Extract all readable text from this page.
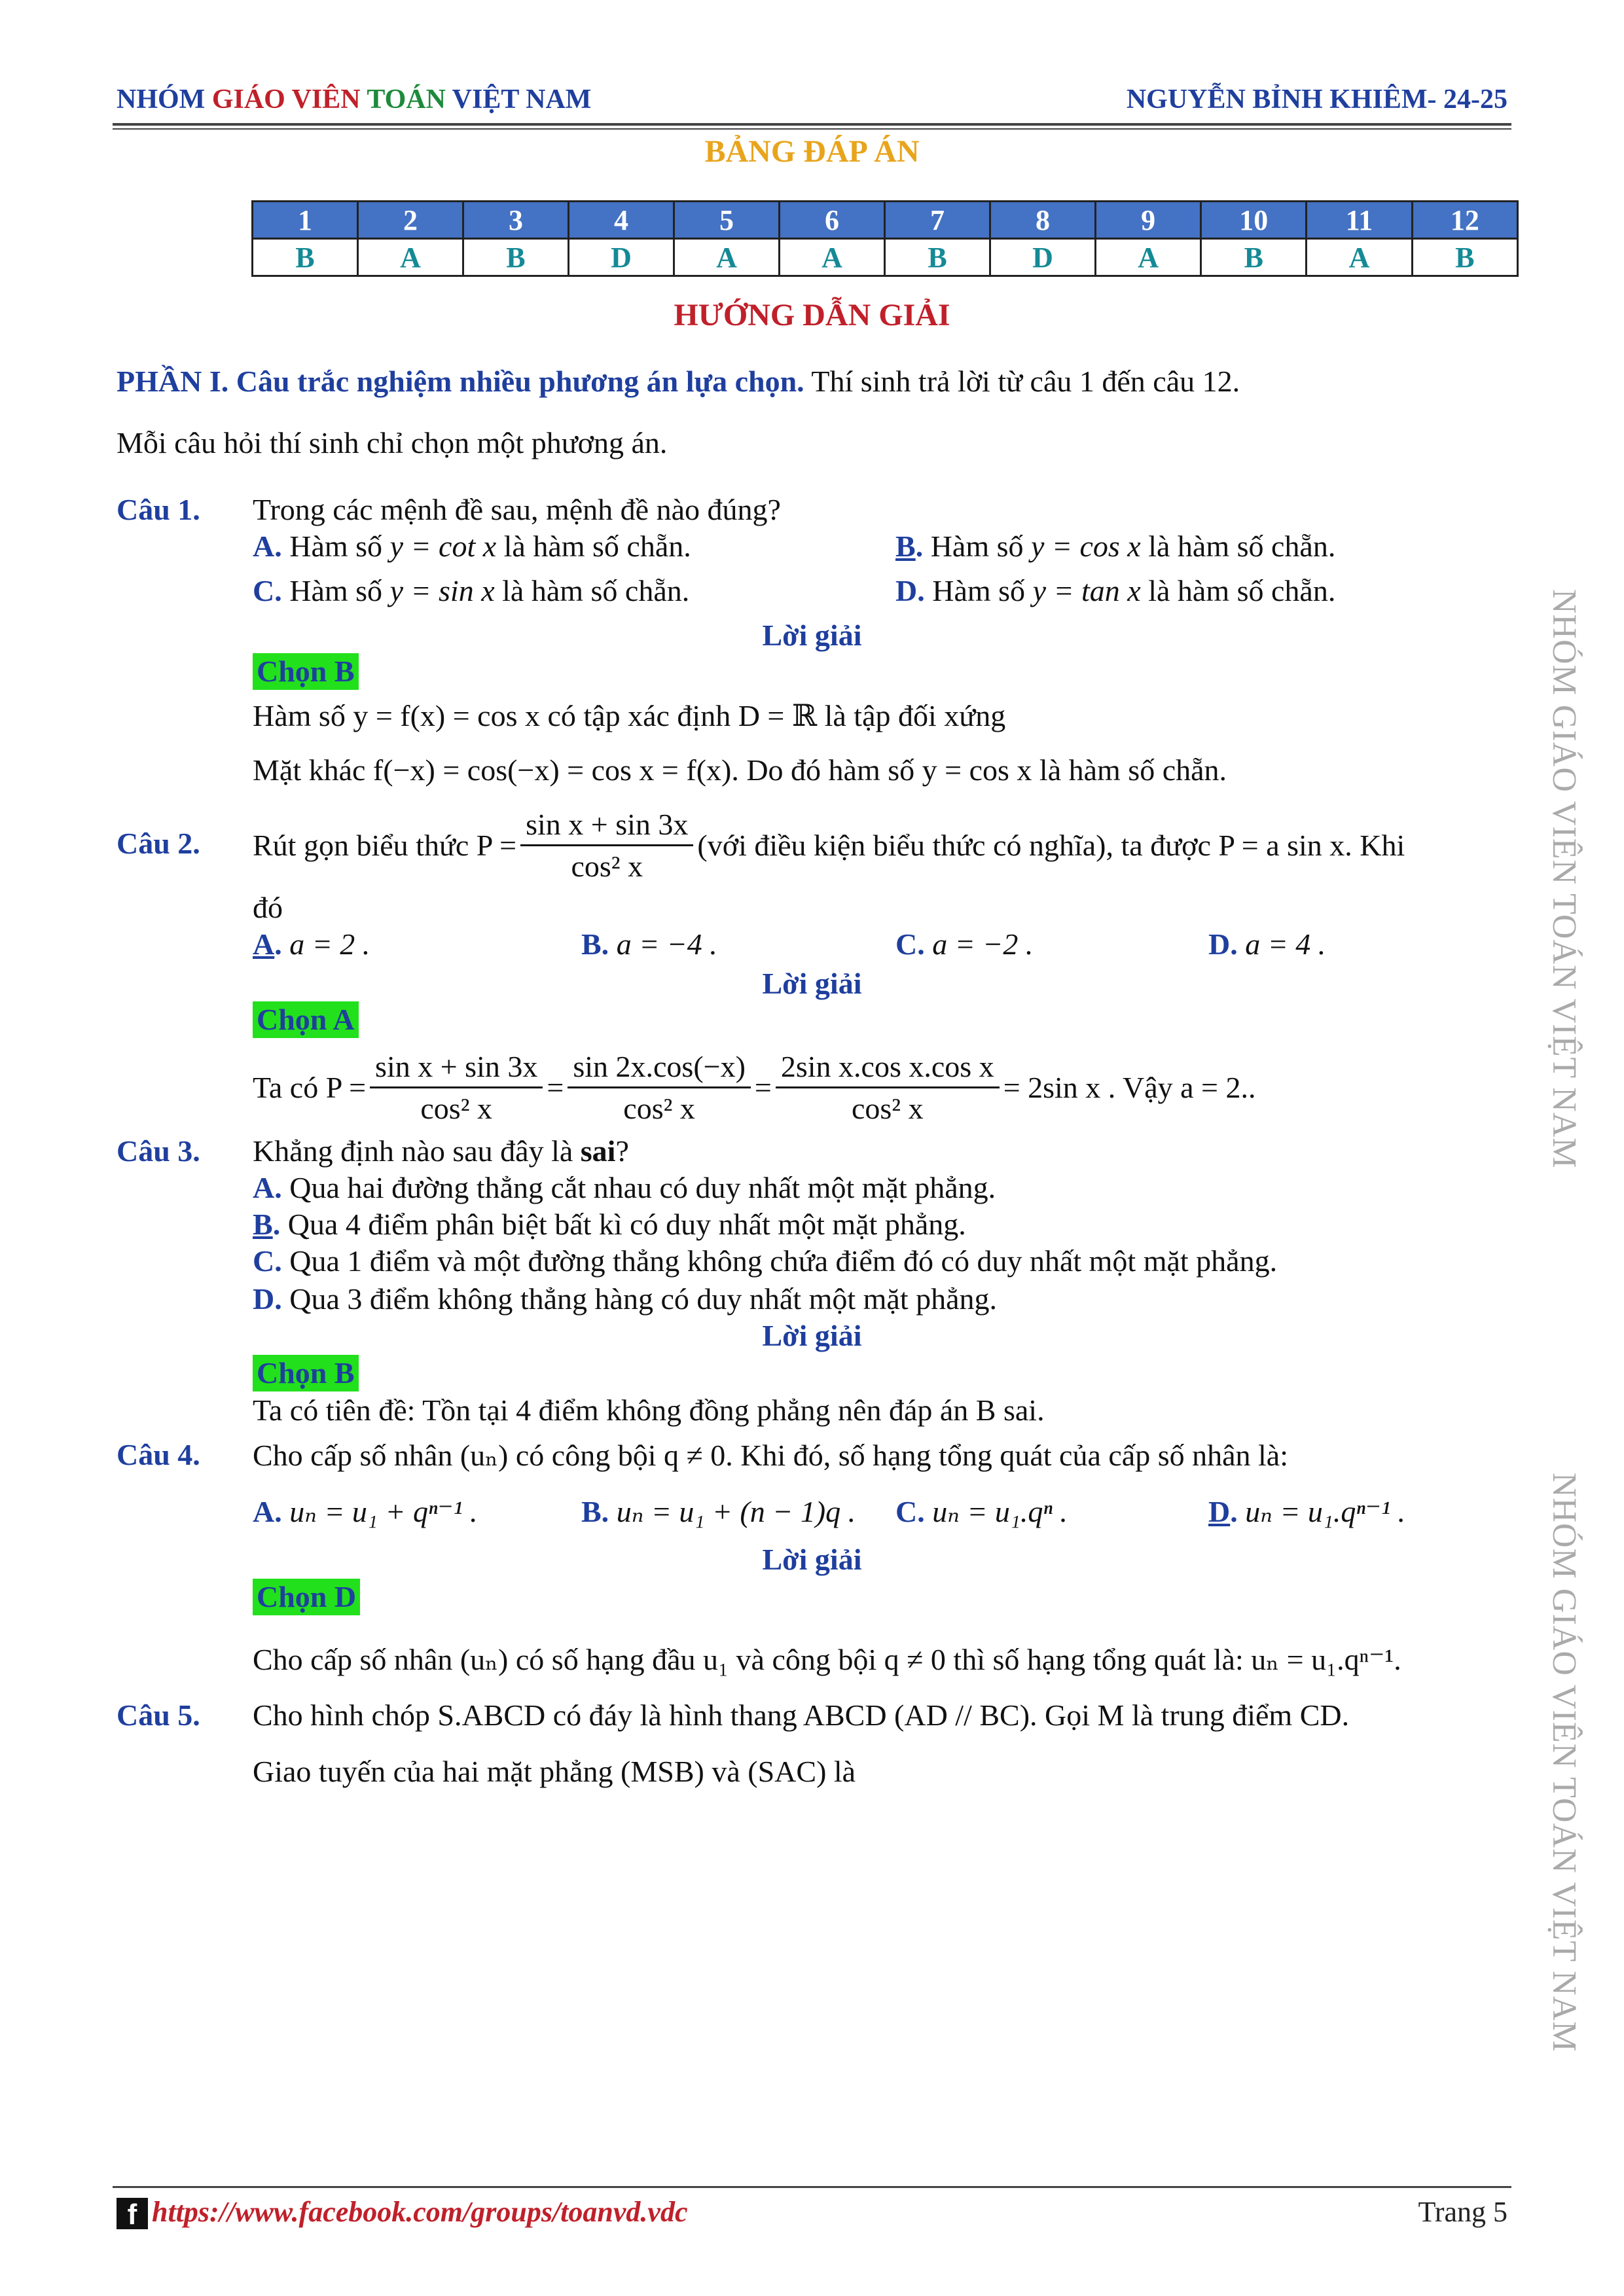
NHÓM GIÁO VIÊN TOÁN VIỆT NAM	NGUYỄN BỈNH KHIÊM- 24-25
BẢNG ĐÁP ÁN
1	2	3	4	5	6	7	8	9	10	11	12
B	A	B	D	A	A	B	D	A	B	A	B
HƯỚNG DẪN GIẢI
PHẦN I. Câu trắc nghiệm nhiều phương án lựa chọn. Thí sinh trả lời từ câu 1 đến câu 12.
Mỗi câu hỏi thí sinh chỉ chọn một phương án.
Câu 1. Trong các mệnh đề sau, mệnh đề nào đúng?
A. Hàm số y = cot x là hàm số chẵn.	B. Hàm số y = cos x là hàm số chẵn.
C. Hàm số y = sin x là hàm số chẵn.	D. Hàm số y = tan x là hàm số chẵn.
Lời giải
Chọn B
Hàm số y = f(x) = cos x có tập xác định D = ℝ là tập đối xứng
Mặt khác f(−x) = cos(−x) = cos x = f(x). Do đó hàm số y = cos x là hàm số chẵn.
Câu 2. Rút gọn biểu thức $P = \frac{\text{sin x + sin 3x}}{\text{cos² x}}$ (với điều kiện biểu thức có nghĩa), ta được P = a sin x. Khi
đó
A. a = 2 .	B. a = −4 .	C. a = −2 .	D. a = 4 .
Lời giải
Chọn A
Ta có $P = \frac{\text{sin x + sin 3x}}{\text{cos² x}} = \frac{\sin 2x.\cos(-x)}{\text{cos² x}} = \frac{\text{2sin x.cos x.cos x}}{\text{cos² x}} = 2\sin$ x . Vậy a = 2..
Câu 3. Khẳng định nào sau đây là sai?
A. Qua hai đường thẳng cắt nhau có duy nhất một mặt phẳng.
B. Qua 4 điểm phân biệt bất kì có duy nhất một mặt phẳng.
C. Qua 1 điểm và một đường thẳng không chứa điểm đó có duy nhất một mặt phẳng.
D. Qua 3 điểm không thẳng hàng có duy nhất một mặt phẳng.
Lời giải
Chọn B
Ta có tiên đề: Tồn tại 4 điểm không đồng phẳng nên đáp án B sai.
Câu 4. Cho cấp số nhân (uₙ) có công bội q ≠ 0. Khi đó, số hạng tổng quát của cấp số nhân là:
A. uₙ = u₁ + qⁿ⁻¹ .	B. uₙ = u₁ + (n − 1)q . C. uₙ = u₁.qⁿ .	D. uₙ = u₁.qⁿ⁻¹ .
Lời giải
Chọn D
Cho cấp số nhân (uₙ) có số hạng đầu u₁ và công bội q ≠ 0 thì số hạng tổng quát là: uₙ = u₁.qⁿ⁻¹.
Câu 5. Cho hình chóp S.ABCD có đáy là hình thang ABCD (AD // BC). Gọi M là trung điểm CD.
Giao tuyến của hai mặt phẳng (MSB) và (SAC) là
NHÓM GIÁO VIÊN TOÁN VIỆT NAM
NHÓM GIÁO VIÊN TOÁN VIỆT NAM
f https://www.facebook.com/groups/toanvd.vdc	Trang 5
